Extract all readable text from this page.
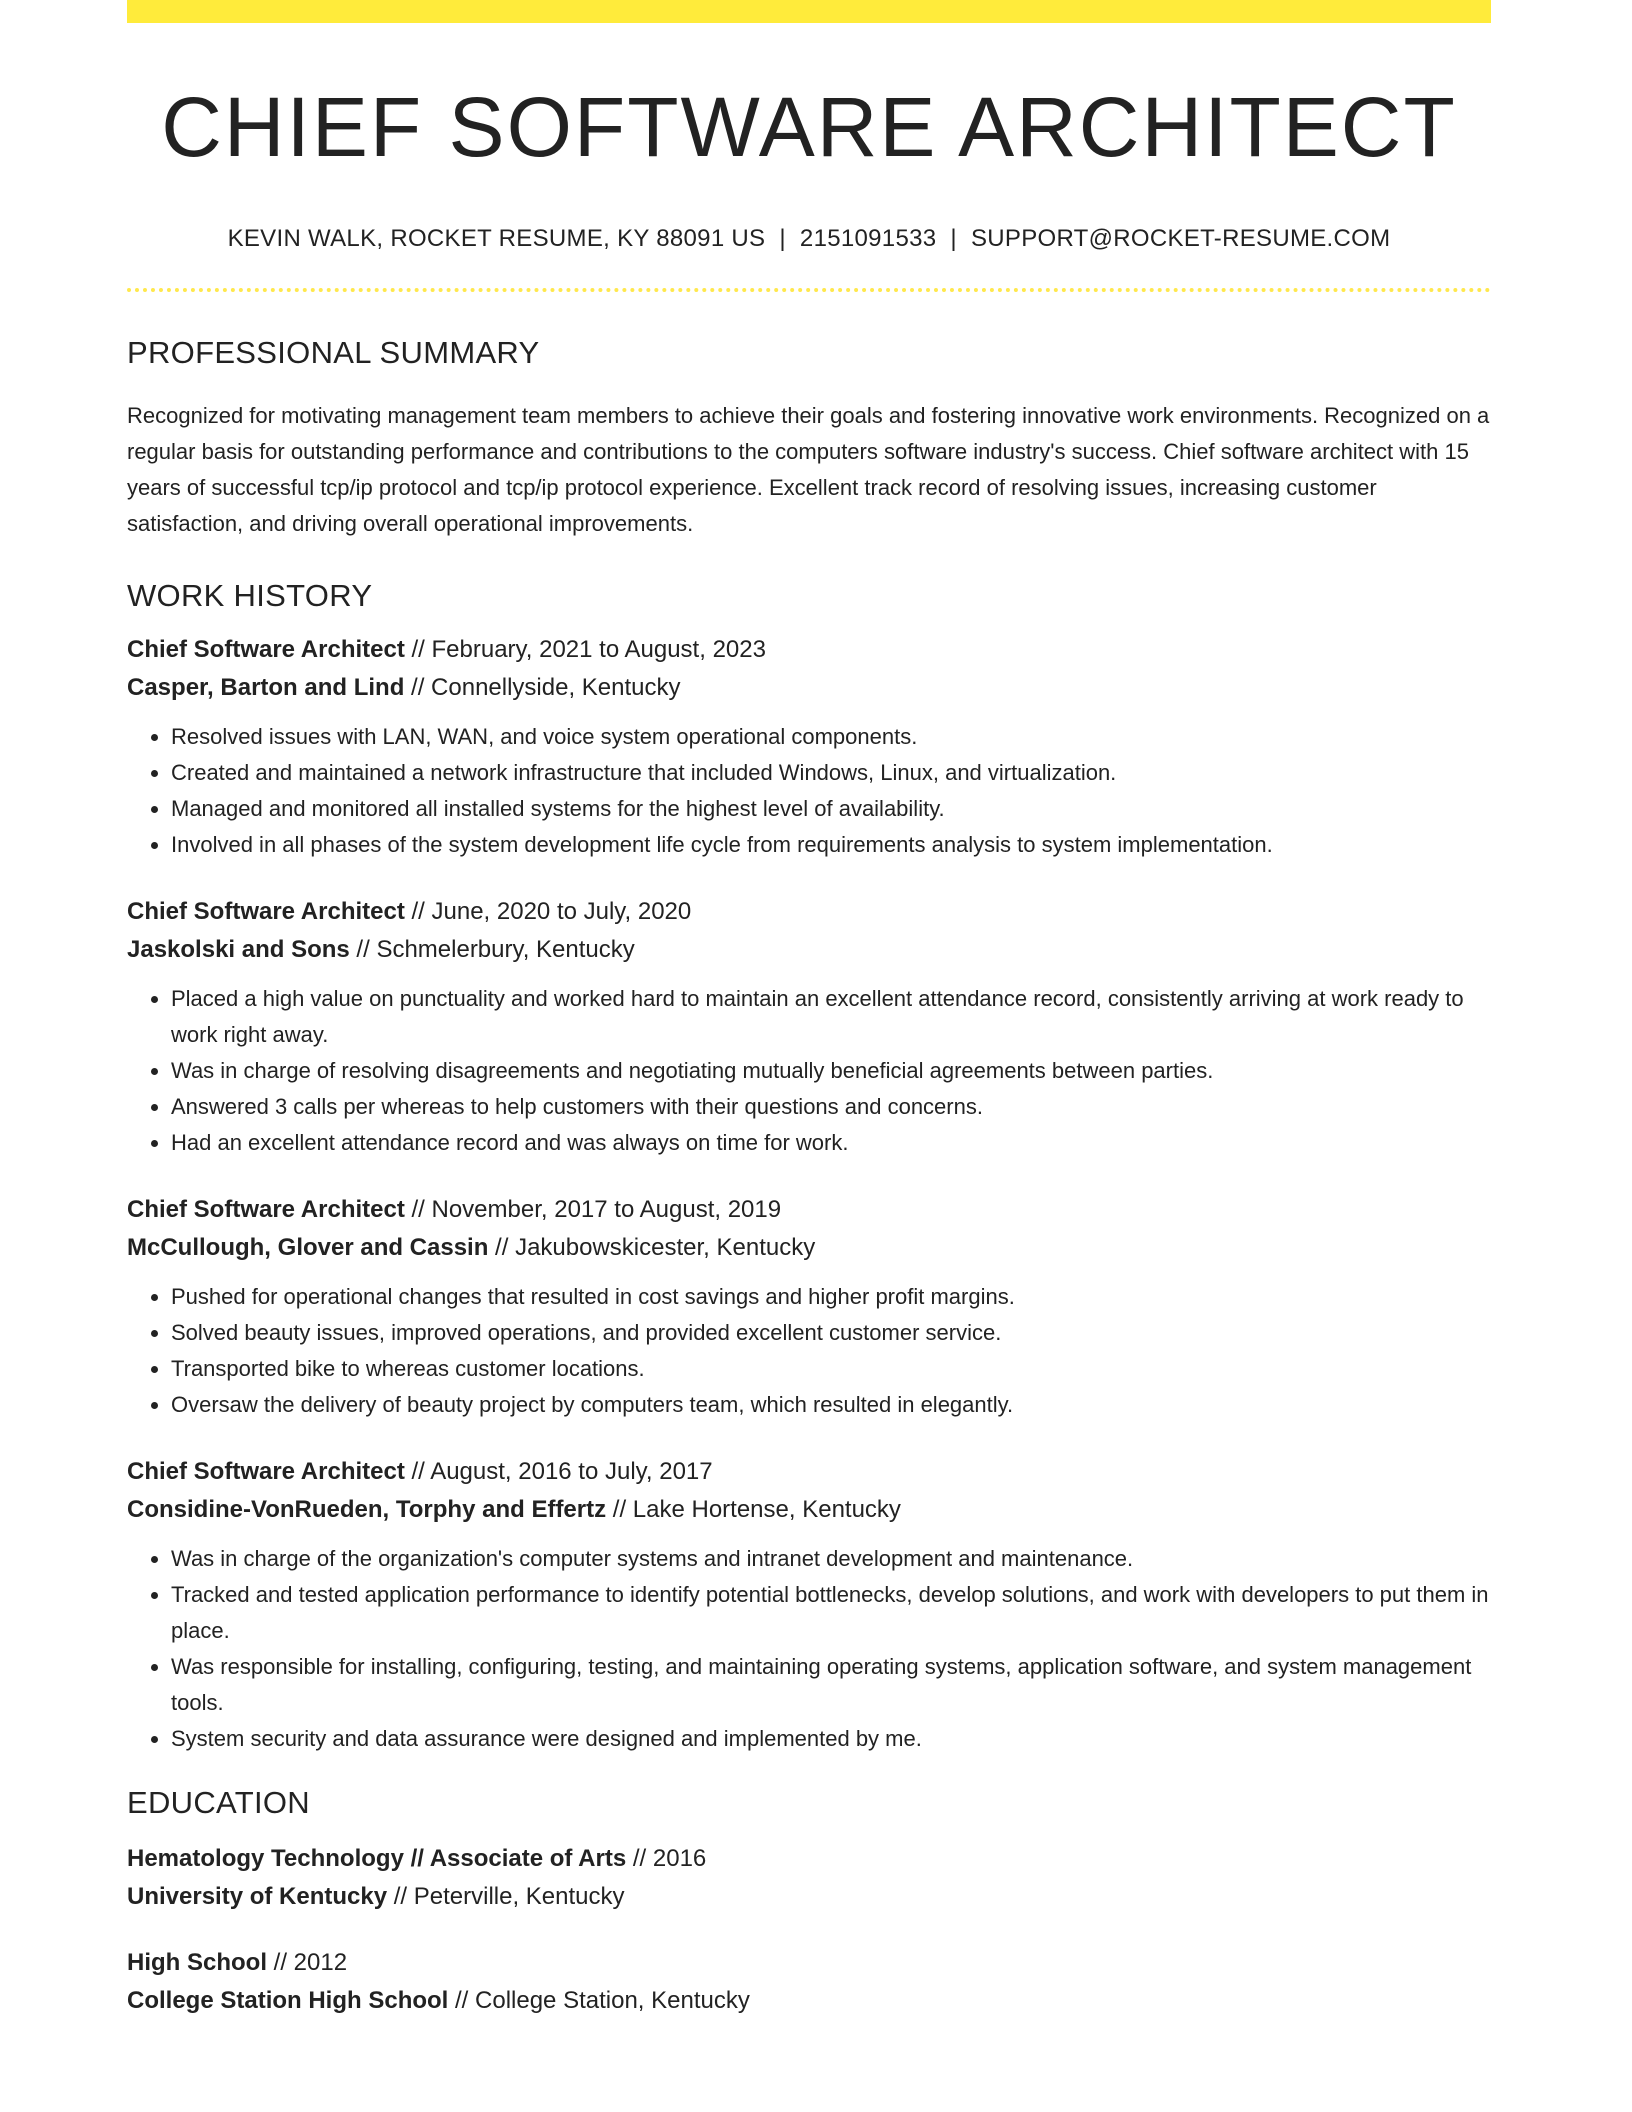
CHIEF SOFTWARE ARCHITECT
KEVIN WALK, ROCKET RESUME, KY 88091 US | 2151091533 | SUPPORT@ROCKET-RESUME.COM
PROFESSIONAL SUMMARY
Recognized for motivating management team members to achieve their goals and fostering innovative work environments. Recognized on a regular basis for outstanding performance and contributions to the computers software industry's success. Chief software architect with 15 years of successful tcp/ip protocol and tcp/ip protocol experience. Excellent track record of resolving issues, increasing customer satisfaction, and driving overall operational improvements.
WORK HISTORY
Chief Software Architect // February, 2021 to August, 2023
Casper, Barton and Lind // Connellyside, Kentucky
• Resolved issues with LAN, WAN, and voice system operational components.
• Created and maintained a network infrastructure that included Windows, Linux, and virtualization.
• Managed and monitored all installed systems for the highest level of availability.
• Involved in all phases of the system development life cycle from requirements analysis to system implementation.
Chief Software Architect // June, 2020 to July, 2020
Jaskolski and Sons // Schmelerbury, Kentucky
• Placed a high value on punctuality and worked hard to maintain an excellent attendance record, consistently arriving at work ready to work right away.
• Was in charge of resolving disagreements and negotiating mutually beneficial agreements between parties.
• Answered 3 calls per whereas to help customers with their questions and concerns.
• Had an excellent attendance record and was always on time for work.
Chief Software Architect // November, 2017 to August, 2019
McCullough, Glover and Cassin // Jakubowskicester, Kentucky
• Pushed for operational changes that resulted in cost savings and higher profit margins.
• Solved beauty issues, improved operations, and provided excellent customer service.
• Transported bike to whereas customer locations.
• Oversaw the delivery of beauty project by computers team, which resulted in elegantly.
Chief Software Architect // August, 2016 to July, 2017
Considine-VonRueden, Torphy and Effertz // Lake Hortense, Kentucky
• Was in charge of the organization's computer systems and intranet development and maintenance.
• Tracked and tested application performance to identify potential bottlenecks, develop solutions, and work with developers to put them in place.
• Was responsible for installing, configuring, testing, and maintaining operating systems, application software, and system management tools.
• System security and data assurance were designed and implemented by me.
EDUCATION
Hematology Technology // Associate of Arts // 2016
University of Kentucky // Peterville, Kentucky
High School // 2012
College Station High School // College Station, Kentucky
